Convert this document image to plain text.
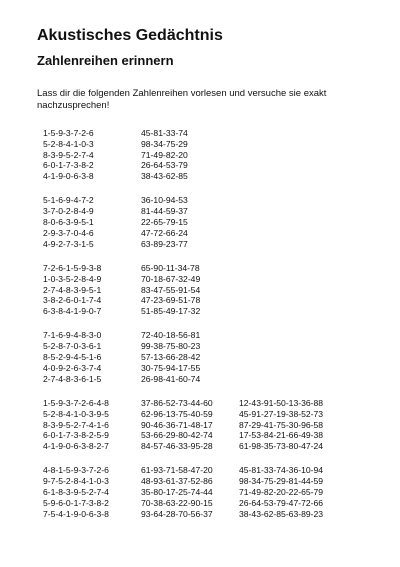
Akustisches Gedächtnis
Zahlenreihen erinnern

Lass dir die folgenden Zahlenreihen vorlesen und versuche sie exakt nachzusprechen!

1-5-9-3-7-2-6	45-81-33-74
5-2-8-4-1-0-3	98-34-75-29
8-3-9-5-2-7-4	71-49-82-20
6-0-1-7-3-8-2	26-64-53-79
4-1-9-0-6-3-8	38-43-62-85
5-1-6-9-4-7-2	36-10-94-53
3-7-0-2-8-4-9	81-44-59-37
8-0-6-3-9-5-1	22-65-79-15
2-9-3-7-0-4-6	47-72-66-24
4-9-2-7-3-1-5	63-89-23-77
7-2-6-1-5-9-3-8	65-90-11-34-78
1-0-3-5-2-8-4-9	70-18-67-32-49
2-7-4-8-3-9-5-1	83-47-55-91-54
3-8-2-6-0-1-7-4	47-23-69-51-78
6-3-8-4-1-9-0-7	51-85-49-17-32
7-1-6-9-4-8-3-0	72-40-18-56-81
5-2-8-7-0-3-6-1	99-38-75-80-23
8-5-2-9-4-5-1-6	57-13-66-28-42
4-0-9-2-6-3-7-4	30-75-94-17-55
2-7-4-8-3-6-1-5	26-98-41-60-74
1-5-9-3-7-2-6-4-8	37-86-52-73-44-60	12-43-91-50-13-36-88
5-2-8-4-1-0-3-9-5	62-96-13-75-40-59	45-91-27-19-38-52-73
8-3-9-5-2-7-4-1-6	90-46-36-71-48-17	87-29-41-75-30-96-58
6-0-1-7-3-8-2-5-9	53-66-29-80-42-74	17-53-84-21-66-49-38
4-1-9-0-6-3-8-2-7	84-57-46-33-95-28	61-98-35-73-80-47-24
4-8-1-5-9-3-7-2-6	61-93-71-58-47-20	45-81-33-74-36-10-94
9-7-5-2-8-4-1-0-3	48-93-61-37-52-86	98-34-75-29-81-44-59
6-1-8-3-9-5-2-7-4	35-80-17-25-74-44	71-49-82-20-22-65-79
5-9-6-0-1-7-3-8-2	70-38-63-22-90-15	26-64-53-79-47-72-66
7-5-4-1-9-0-6-3-8	93-64-28-70-56-37	38-43-62-85-63-89-23
